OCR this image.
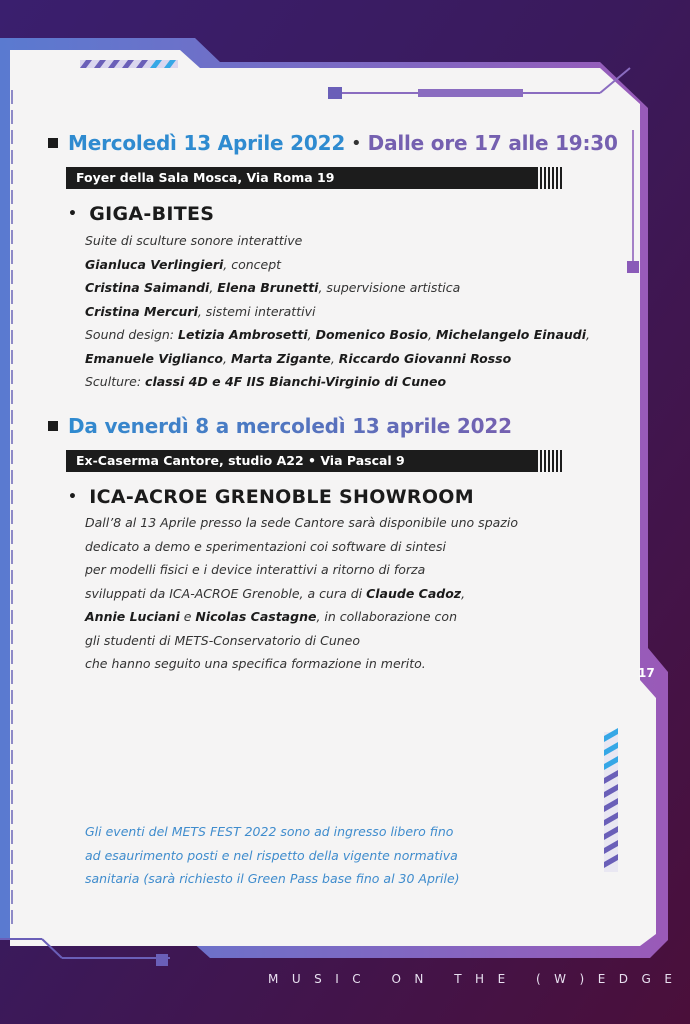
Mercoledì 13 Aprile 2022 • Dalle ore 17 alle 19:30
Foyer della Sala Mosca, Via Roma 19
• GIGA-BITES
Suite di sculture sonore interattive
Gianluca Verlingieri, concept
Cristina Saimandi, Elena Brunetti, supervisione artistica
Cristina Mercuri, sistemi interattivi
Sound design: Letizia Ambrosetti, Domenico Bosio, Michelangelo Einaudi,
Emanuele Viglianco, Marta Zigante, Riccardo Giovanni Rosso
Sculture: classi 4D e 4F IIS Bianchi-Virginio di Cuneo
Da venerdì 8 a mercoledì 13 aprile 2022
Ex-Caserma Cantore, studio A22 • Via Pascal 9
• ICA-ACROE GRENOBLE SHOWROOM
Dall’8 al 13 Aprile presso la sede Cantore sarà disponibile uno spazio
dedicato a demo e sperimentazioni coi software di sintesi
per modelli fisici e i device interattivi a ritorno di forza
sviluppati da ICA-ACROE Grenoble, a cura di Claude Cadoz,
Annie Luciani e Nicolas Castagne, in collaborazione con
gli studenti di METS-Conservatorio di Cuneo
che hanno seguito una specifica formazione in merito.
Gli eventi del METS FEST 2022 sono ad ingresso libero fino
ad esaurimento posti e nel rispetto della vigente normativa
sanitaria (sarà richiesto il Green Pass base fino al 30 Aprile)
17
MUSIC ON THE (W)EDGE
